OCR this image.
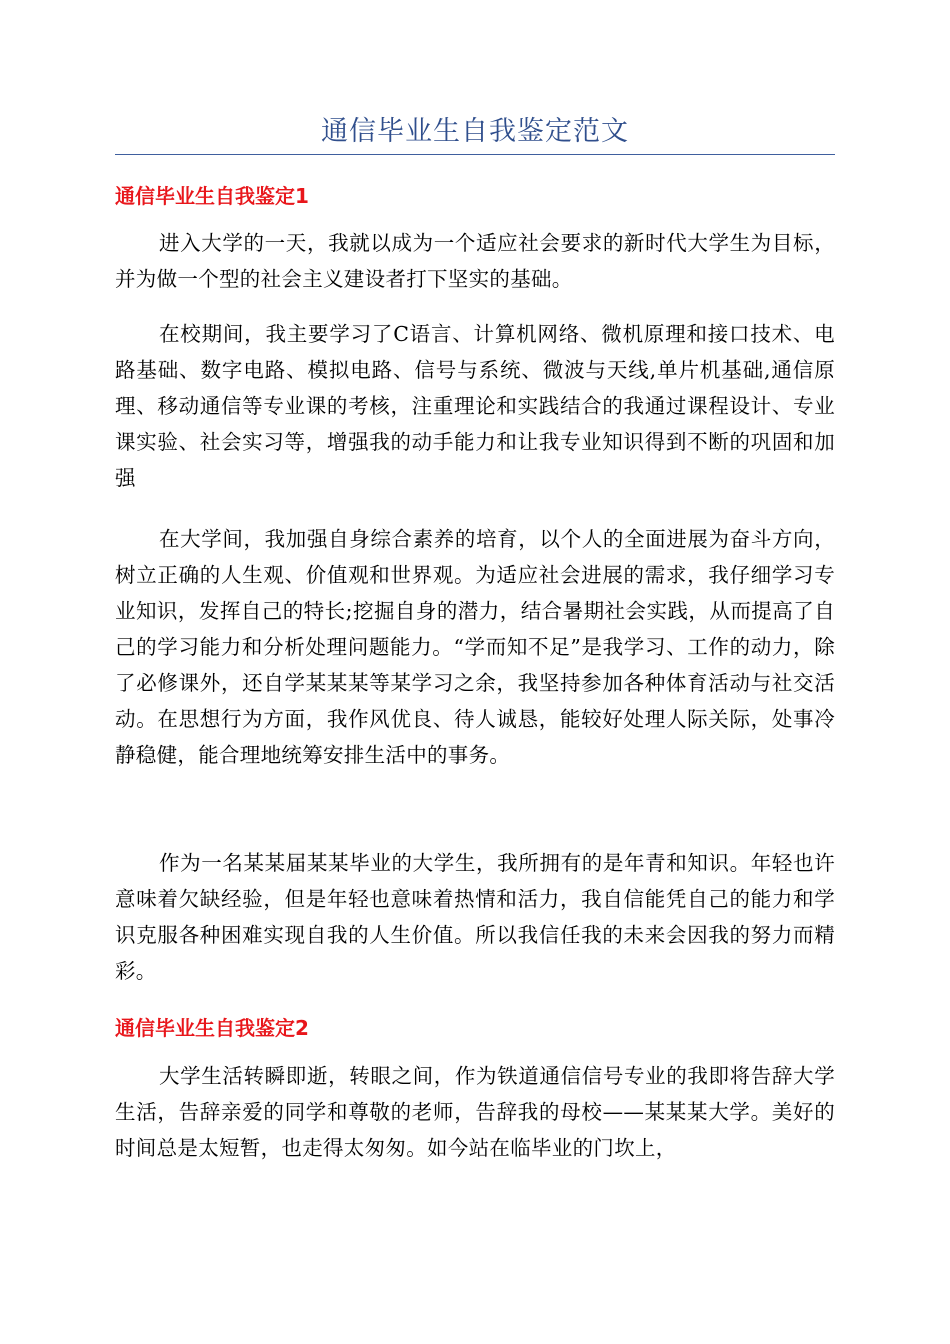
通信毕业生自我鉴定范文
通信毕业生自我鉴定1

进入大学的一天，我就以成为一个适应社会要求的新时代大学生为目标，并为做一个型的社会主义建设者打下坚实的基础。

在校期间，我主要学习了C语言、计算机网络、微机原理和接口技术、电路基础、数字电路、模拟电路、信号与系统、微波与天线,单片机基础,通信原理、移动通信等专业课的考核，注重理论和实践结合的我通过课程设计、专业课实验、社会实习等，增强我的动手能力和让我专业知识得到不断的巩固和加强

在大学间，我加强自身综合素养的培育，以个人的全面进展为奋斗方向，树立正确的人生观、价值观和世界观。为适应社会进展的需求，我仔细学习专业知识，发挥自己的特长;挖掘自身的潜力，结合暑期社会实践，从而提高了自己的学习能力和分析处理问题能力。“学而知不足”是我学习、工作的动力，除了必修课外，还自学某某某等某学习之余，我坚持参加各种体育活动与社交活动。在思想行为方面，我作风优良、待人诚恳，能较好处理人际关际，处事冷静稳健，能合理地统筹安排生活中的事务。

作为一名某某届某某毕业的大学生，我所拥有的是年青和知识。年轻也许意味着欠缺经验，但是年轻也意味着热情和活力，我自信能凭自己的能力和学识克服各种困难实现自我的人生价值。所以我信任我的未来会因我的努力而精彩。

通信毕业生自我鉴定2

大学生活转瞬即逝，转眼之间，作为铁道通信信号专业的我即将告辞大学生活，告辞亲爱的同学和尊敬的老师，告辞我的母校——某某某大学。美好的时间总是太短暂，也走得太匆匆。如今站在临毕业的门坎上，
